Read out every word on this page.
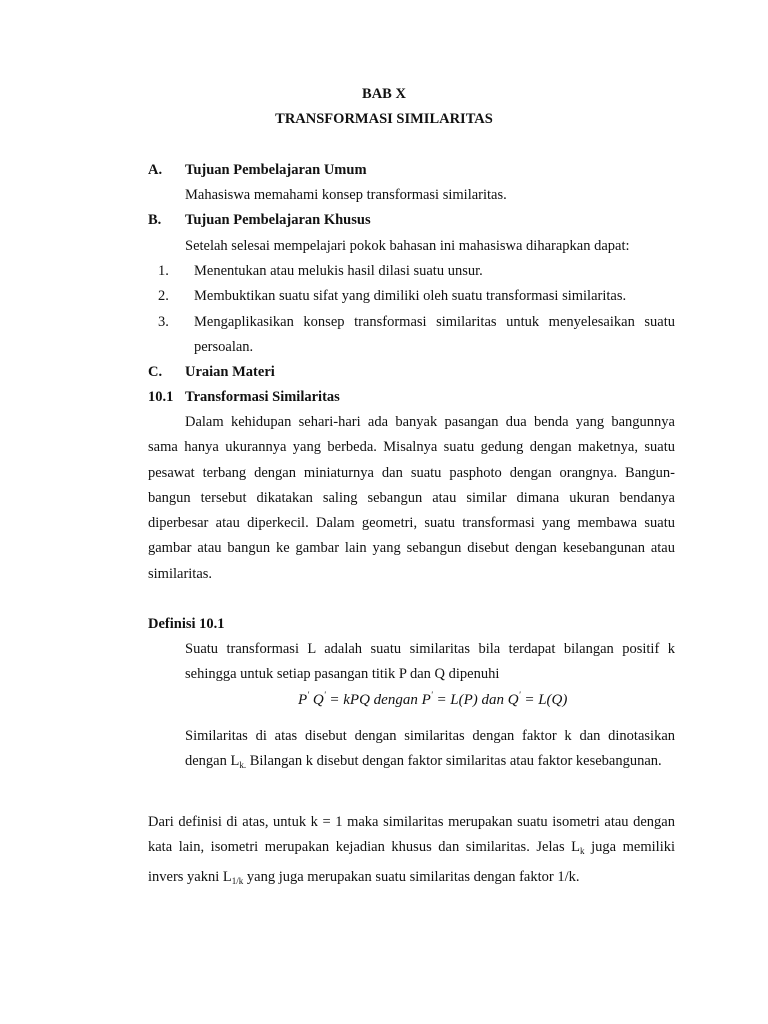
BAB X
TRANSFORMASI SIMILARITAS
A. Tujuan Pembelajaran Umum
Mahasiswa memahami konsep transformasi similaritas.
B. Tujuan Pembelajaran Khusus
Setelah selesai mempelajari pokok bahasan ini mahasiswa diharapkan dapat:
1. Menentukan atau melukis hasil dilasi suatu unsur.
2. Membuktikan suatu sifat yang dimiliki oleh suatu transformasi similaritas.
3. Mengaplikasikan konsep transformasi similaritas untuk menyelesaikan suatu
persoalan.
C. Uraian Materi
10.1 Transformasi Similaritas
Dalam kehidupan sehari-hari ada banyak pasangan dua benda yang bangunnya sama hanya ukurannya yang berbeda. Misalnya suatu gedung dengan maketnya, suatu pesawat terbang dengan miniaturnya dan suatu pasphoto dengan orangnya. Bangun-bangun tersebut dikatakan saling sebangun atau similar dimana ukuran bendanya diperbesar atau diperkecil. Dalam geometri, suatu transformasi yang membawa suatu gambar atau bangun ke gambar lain yang sebangun disebut dengan kesebangunan atau similaritas.
Definisi 10.1
Suatu transformasi L adalah suatu similaritas bila terdapat bilangan positif k sehingga untuk setiap pasangan titik P dan Q dipenuhi
P' Q' = kPQ dengan P' = L(P) dan Q' = L(Q)
Similaritas di atas disebut dengan similaritas dengan faktor k dan dinotasikan dengan $L_{k.}$ Bilangan k disebut dengan faktor similaritas atau faktor kesebangunan.
Dari definisi di atas, untuk k = 1 maka similaritas merupakan suatu isometri atau dengan kata lain, isometri merupakan kejadian khusus dan similaritas. Jelas $L_k$ juga memiliki invers yakni $L_{1/k}$ yang juga merupakan suatu similaritas dengan faktor 1/k.
